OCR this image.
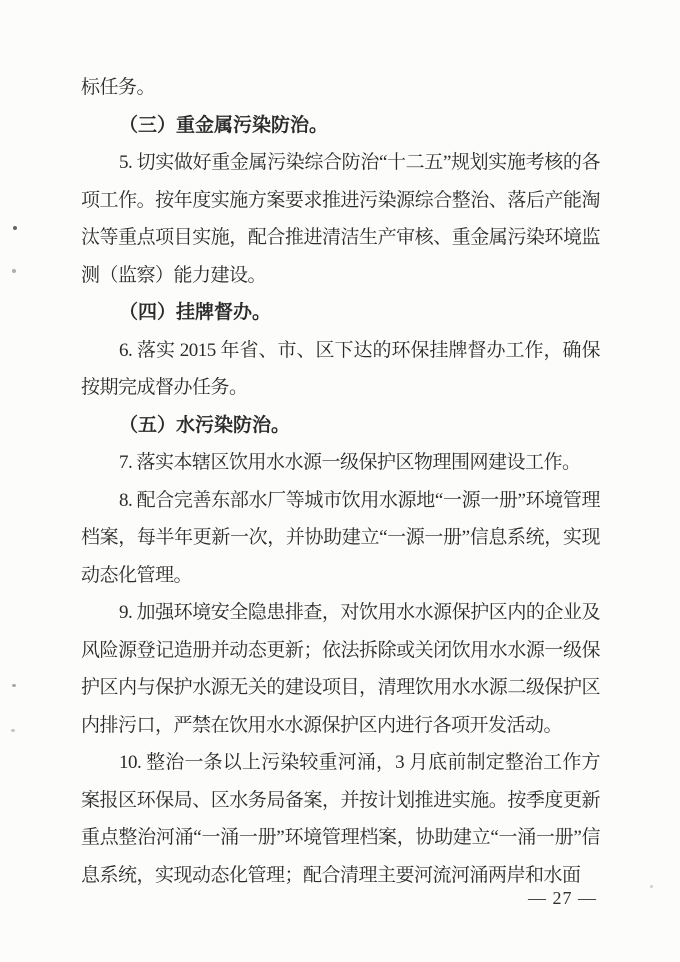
标任务。

（三）重金属污染防治。

5. 切实做好重金属污染综合防治“十二五”规划实施考核的各项工作。按年度实施方案要求推进污染源综合整治、落后产能淘汰等重点项目实施，配合推进清洁生产审核、重金属污染环境监测（监察）能力建设。

（四）挂牌督办。

6. 落实 2015 年省、市、区下达的环保挂牌督办工作，确保按期完成督办任务。

（五）水污染防治。

7. 落实本辖区饮用水水源一级保护区物理围网建设工作。

8. 配合完善东部水厂等城市饮用水源地“一源一册”环境管理档案，每半年更新一次，并协助建立“一源一册”信息系统，实现动态化管理。

9. 加强环境安全隐患排查，对饮用水水源保护区内的企业及风险源登记造册并动态更新；依法拆除或关闭饮用水水源一级保护区内与保护水源无关的建设项目，清理饮用水水源二级保护区内排污口，严禁在饮用水水源保护区内进行各项开发活动。

10. 整治一条以上污染较重河涌，3 月底前制定整治工作方案报区环保局、区水务局备案，并按计划推进实施。按季度更新重点整治河涌“一涌一册”环境管理档案，协助建立“一涌一册”信息系统，实现动态化管理；配合清理主要河流河涌两岸和水面

— 27 —
